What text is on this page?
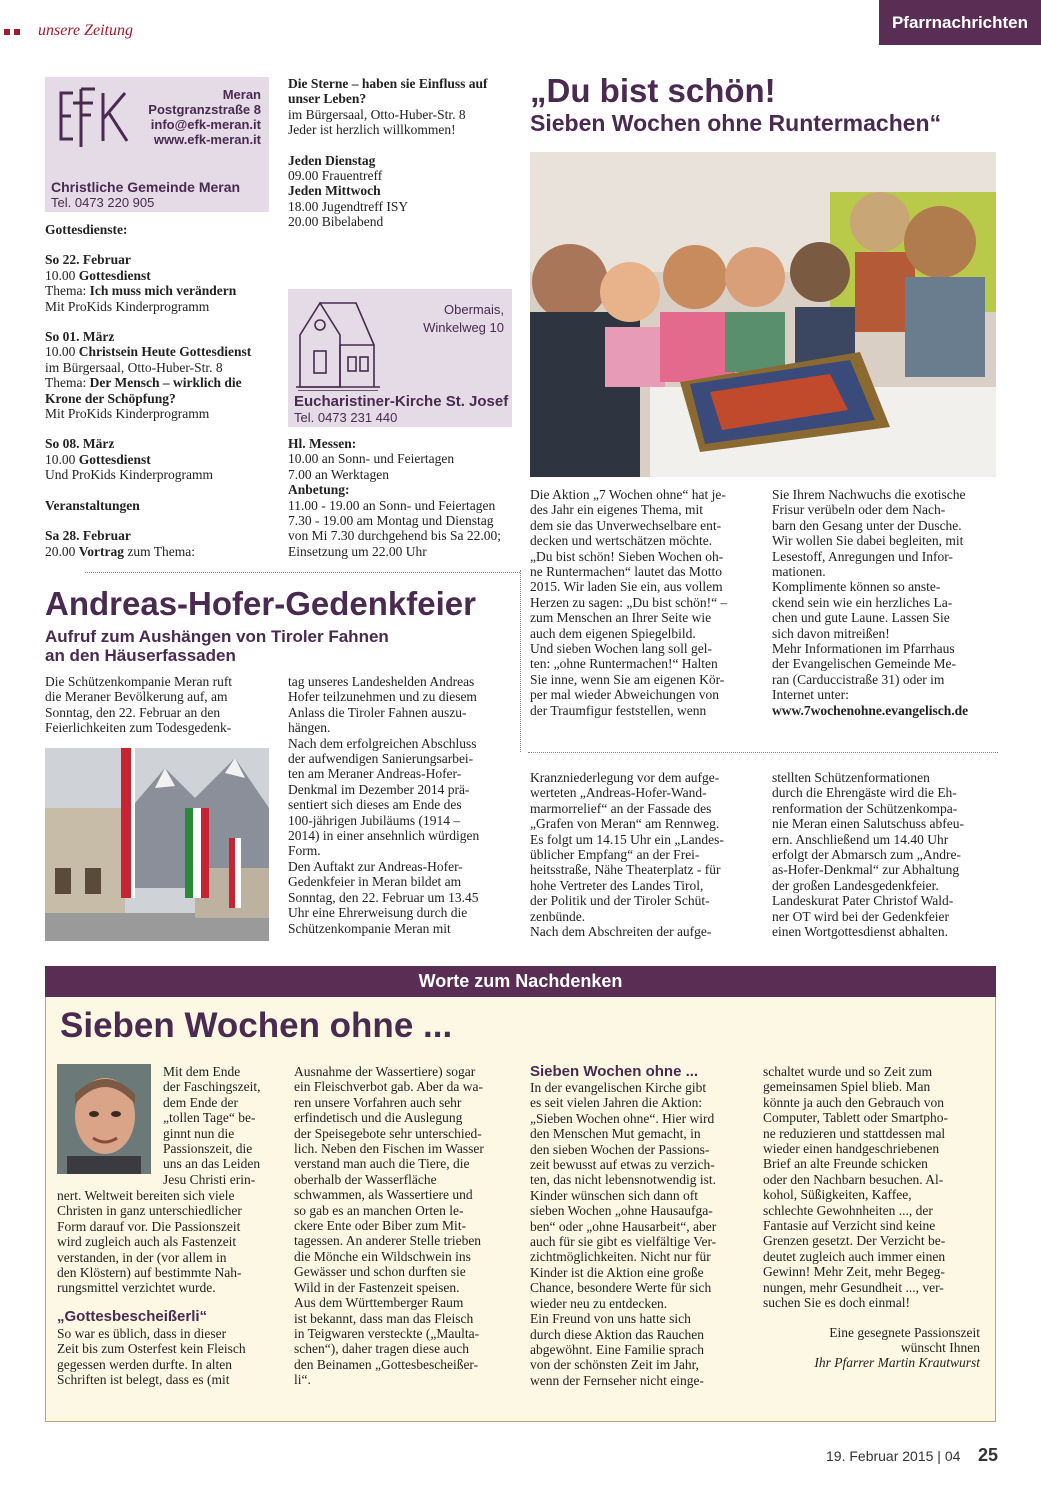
unsere Zeitung	Pfarrnachrichten
EfK
Meran
Postgranzstraße 8
info@efk-meran.it
www.efk-meran.it
Christliche Gemeinde Meran
Tel. 0473 220 905

Gottesdienste:

So 22. Februar

10.00 Gottesdienst

Thema: Ich muss mich verändern

Mit ProKids Kinderprogramm

So 01. März

10.00 Christsein Heute Gottesdienst

im Bürgersaal, Otto-Huber-Str. 8

Thema: Der Mensch – wirklich die

Krone der Schöpfung?

Mit ProKids Kinderprogramm

So 08. März

10.00 Gottesdienst

Und ProKids Kinderprogramm

Veranstaltungen

Sa 28. Februar

20.00 Vortrag zum Thema:

Die Sterne – haben sie Einfluss auf

unser Leben?

im Bürgersaal, Otto-Huber-Str. 8

Jeder ist herzlich willkommen!

Jeden Dienstag

09.00 Frauentreff

Jeden Mittwoch

18.00 Jugendtreff ISY

20.00 Bibelabend

Obermais,
Winkelweg 10
Eucharistiner-Kirche St. Josef
Tel. 0473 231 440

Hl. Messen:

10.00 an Sonn- und Feiertagen

7.00 an Werktagen

Anbetung:

11.00 - 19.00 an Sonn- und Feiertagen

7.30 - 19.00 am Montag und Dienstag

von Mi 7.30 durchgehend bis Sa 22.00;

Einsetzung um 22.00 Uhr

„Du bist schön!
Sieben Wochen ohne Runtermachen“

Die Aktion „7 Wochen ohne“ hat je-

des Jahr ein eigenes Thema, mit

dem sie das Unverwechselbare ent-

decken und wertschätzen möchte.

„Du bist schön! Sieben Wochen oh-

ne Runtermachen“ lautet das Motto

2015. Wir laden Sie ein, aus vollem

Herzen zu sagen: „Du bist schön!“ –

zum Menschen an Ihrer Seite wie

auch dem eigenen Spiegelbild.

Und sieben Wochen lang soll gel-

ten: „ohne Runtermachen!“ Halten

Sie inne, wenn Sie am eigenen Kör-

per mal wieder Abweichungen von

der Traumfigur feststellen, wenn

Sie Ihrem Nachwuchs die exotische

Frisur verübeln oder dem Nach-

barn den Gesang unter der Dusche.

Wir wollen Sie dabei begleiten, mit

Lesestoff, Anregungen und Infor-

mationen.

Komplimente können so anste-

ckend sein wie ein herzliches La-

chen und gute Laune. Lassen Sie

sich davon mitreißen!

Mehr Informationen im Pfarrhaus

der Evangelischen Gemeinde Me-

ran (Carduccistraße 31) oder im

Internet unter:

www.7wochenohne.evangelisch.de

Andreas-Hofer-Gedenkfeier
Aufruf zum Aushängen von Tiroler Fahnen
an den Häuserfassaden

Die Schützenkompanie Meran ruft

die Meraner Bevölkerung auf, am

Sonntag, den 22. Februar an den

Feierlichkeiten zum Todesgedenk-

tag unseres Landeshelden Andreas

Hofer teilzunehmen und zu diesem

Anlass die Tiroler Fahnen auszu-

hängen.

Nach dem erfolgreichen Abschluss

der aufwendigen Sanierungsarbei-

ten am Meraner Andreas-Hofer-

Denkmal im Dezember 2014 prä-

sentiert sich dieses am Ende des

100-jährigen Jubiläums (1914 –

2014) in einer ansehnlich würdigen

Form.

Den Auftakt zur Andreas-Hofer-

Gedenkfeier in Meran bildet am

Sonntag, den 22. Februar um 13.45

Uhr eine Ehrerweisung durch die

Schützenkompanie Meran mit

Kranzniederlegung vor dem aufge-

werteten „Andreas-Hofer-Wand-

marmorrelief“ an der Fassade des

„Grafen von Meran“ am Rennweg.

Es folgt um 14.15 Uhr ein „Landes-

üblicher Empfang“ an der Frei-

heitsstraße, Nähe Theaterplatz - für

hohe Vertreter des Landes Tirol,

der Politik und der Tiroler Schüt-

zenbünde.

Nach dem Abschreiten der aufge-

stellten Schützenformationen

durch die Ehrengäste wird die Eh-

renformation der Schützenkompa-

nie Meran einen Salutschuss abfeu-

ern. Anschließend um 14.40 Uhr

erfolgt der Abmarsch zum „Andre-

as-Hofer-Denkmal“ zur Abhaltung

der großen Landesgedenkfeier.

Landeskurat Pater Christof Wald-

ner OT wird bei der Gedenkfeier

einen Wortgottesdienst abhalten.

Worte zum Nachdenken
Sieben Wochen ohne ...

Mit dem Ende

der Faschingszeit,

dem Ende der

„tollen Tage“ be-

ginnt nun die

Passionszeit, die

uns an das Leiden

Jesu Christi erin-

nert. Weltweit bereiten sich viele

Christen in ganz unterschiedlicher

Form darauf vor. Die Passionszeit

wird zugleich auch als Fastenzeit

verstanden, in der (vor allem in

den Klöstern) auf bestimmte Nah-

rungsmittel verzichtet wurde.

„Gottesbescheißerli“

So war es üblich, dass in dieser

Zeit bis zum Osterfest kein Fleisch

gegessen werden durfte. In alten

Schriften ist belegt, dass es (mit

Ausnahme der Wassertiere) sogar

ein Fleischverbot gab. Aber da wa-

ren unsere Vorfahren auch sehr

erfindetisch und die Auslegung

der Speisegebote sehr unterschied-

lich. Neben den Fischen im Wasser

verstand man auch die Tiere, die

oberhalb der Wasserfläche

schwammen, als Wassertiere und

so gab es an manchen Orten le-

ckere Ente oder Biber zum Mit-

tagessen. An anderer Stelle trieben

die Mönche ein Wildschwein ins

Gewässer und schon durften sie

Wild in der Fastenzeit speisen.

Aus dem Württemberger Raum

ist bekannt, dass man das Fleisch

in Teigwaren versteckte („Maulta-

schen“), daher tragen diese auch

den Beinamen „Gottesbescheißer-

li“.

Sieben Wochen ohne ...

In der evangelischen Kirche gibt

es seit vielen Jahren die Aktion:

„Sieben Wochen ohne“. Hier wird

den Menschen Mut gemacht, in

den sieben Wochen der Passions-

zeit bewusst auf etwas zu verzich-

ten, das nicht lebensnotwendig ist.

Kinder wünschen sich dann oft

sieben Wochen „ohne Hausaufga-

ben“ oder „ohne Hausarbeit“, aber

auch für sie gibt es vielfältige Ver-

zichtmöglichkeiten. Nicht nur für

Kinder ist die Aktion eine große

Chance, besondere Werte für sich

wieder neu zu entdecken.

Ein Freund von uns hatte sich

durch diese Aktion das Rauchen

abgewöhnt. Eine Familie sprach

von der schönsten Zeit im Jahr,

wenn der Fernseher nicht einge-

schaltet wurde und so Zeit zum

gemeinsamen Spiel blieb. Man

könnte ja auch den Gebrauch von

Computer, Tablett oder Smartpho-

ne reduzieren und stattdessen mal

wieder einen handgeschriebenen

Brief an alte Freunde schicken

oder den Nachbarn besuchen. Al-

kohol, Süßigkeiten, Kaffee,

schlechte Gewohnheiten ..., der

Fantasie auf Verzicht sind keine

Grenzen gesetzt. Der Verzicht be-

deutet zugleich auch immer einen

Gewinn! Mehr Zeit, mehr Begeg-

nungen, mehr Gesundheit ..., ver-

suchen Sie es doch einmal!

Eine gesegnete Passionszeit

wünscht Ihnen

Ihr Pfarrer Martin Krautwurst

19. Februar 2015 | 04 25
